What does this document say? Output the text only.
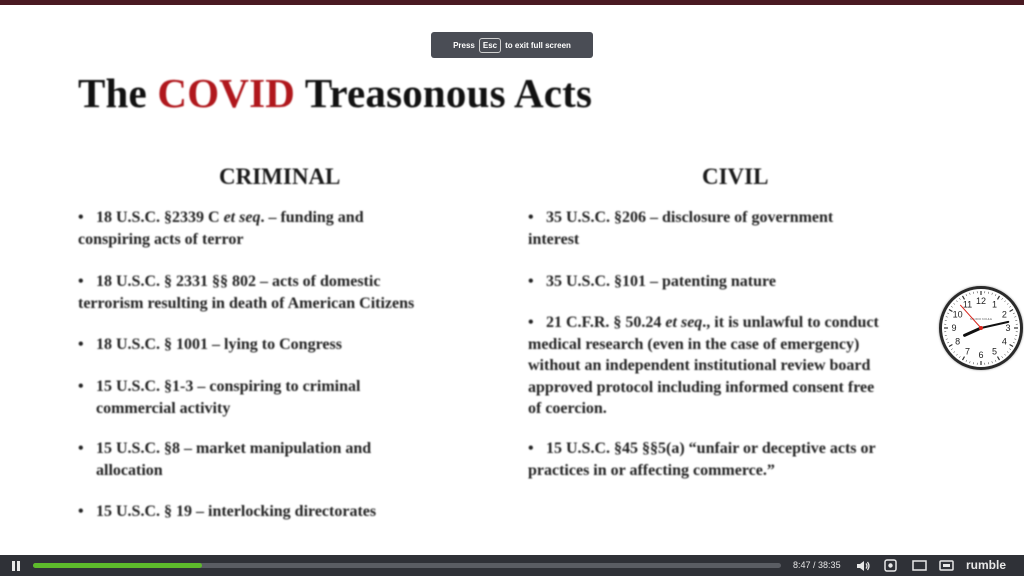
The COVID Treasonous Acts
CRIMINAL	CIVIL
• 18 U.S.C. §2339 C et seq. – funding and
conspiring acts of terror
• 18 U.S.C. § 2331 §§ 802 – acts of domestic
terrorism resulting in death of American Citizens
• 18 U.S.C. § 1001 – lying to Congress
• 15 U.S.C. §1-3 – conspiring to criminal
commercial activity
• 15 U.S.C. §8 – market manipulation and
allocation
• 15 U.S.C. § 19 – interlocking directorates
• 35 U.S.C. §206 – disclosure of government
interest
• 35 U.S.C. §101 – patenting nature
• 21 C.F.R. § 50.24 et seq., it is unlawful to conduct
medical research (even in the case of emergency)
without an independent institutional review board
approved protocol including informed consent free
of coercion.
• 15 U.S.C. §45 §§5(a) “unfair or deceptive acts or
practices in or affecting commerce.”
12 1
2
3
4
5
6
7
8
9
10
11
STUDIO KOHLE
Press	Esc	to exit full screen
8:47 / 38:35	rumble
